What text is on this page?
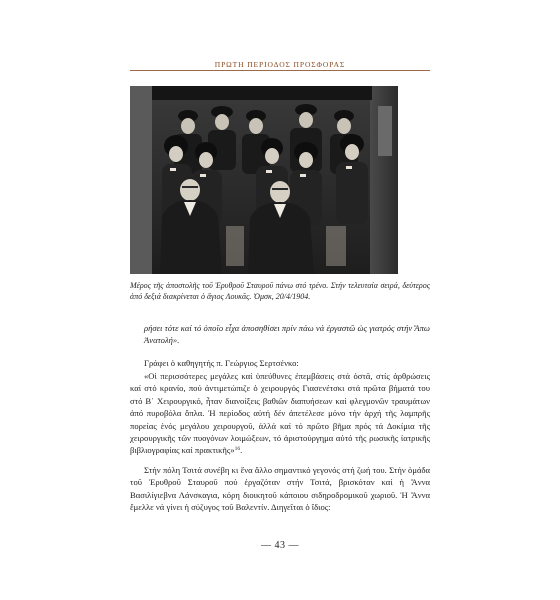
ΠΡΩΤΗ ΠΕΡΙΟΔΟΣ ΠΡΟΣΦΟΡΑΣ
Μέρος τῆς ἀποστολῆς τοῦ Ἐρυθροῦ Σταυροῦ πάνω στό τρένο. Στήν τελευταία σειρά, δεύτερος ἀπό δεξιά διακρίνεται ὁ ἅγιος Λουκᾶς. Ὀμσκ, 20/4/1904.

ρήσει τότε καί τό ὁποῖο εἶχα ἀποσηθίσει πρίν πάω νά ἐργαστῶ ὡς γιατρός στήν Ἄπω Ἀνατολή».

Γράφει ὁ καθηγητής π. Γεώργιος Σερτσένκο:

«Οἱ περισσότερες μεγάλες καί ὑπεύθυνες ἐπεμβάσεις στά ὀστᾶ, στίς ἀρθρώσεις καί στό κρανίο, πού ἀντιμετώπιζε ὁ χειρουργός Γιασενέτσκι στά πρῶτα βήματά του στό Β΄ Χειρουργικό, ἦταν διανοίξεις βαθιῶν διαπυήσεων καί φλεγμονῶν τραυμάτων ἀπό πυροβόλα ὅπλα. Ἡ περίοδος αὐτή δέν ἀπετέλεσε μόνο τήν ἀρχή τῆς λαμπρῆς πορείας ἑνός μεγάλου χειρουργοῦ, ἀλλά καί τό πρῶτο βῆμα πρός τά Δοκίμια τῆς χειρουργικῆς τῶν πυογόνων λοιμώξεων, τό ἀριστούργημα αὐτό τῆς ρωσικῆς ἰατρικῆς βιβλιογραφίας καί πρακτικῆς»$^{16}$.

Στήν πόλη Τσιτά συνέβη κι ἕνα ἄλλο σημαντικό γεγονός στή ζωή του. Στήν ὁμάδα τοῦ Ἐρυθροῦ Σταυροῦ πού ἐργαζόταν στήν Τσιτά, βρισκόταν καί ἡ Ἄννα Βασιλίγιεβνα Λάνσκαγια, κόρη διοικητοῦ κάποιου σιδηροδρομικοῦ χωριοῦ. Ἡ Ἄννα ἔμελλε νά γίνει ἡ σύζυγος τοῦ Βαλεντίν. Διηγεῖται ὁ ἴδιος:

— 43 —
